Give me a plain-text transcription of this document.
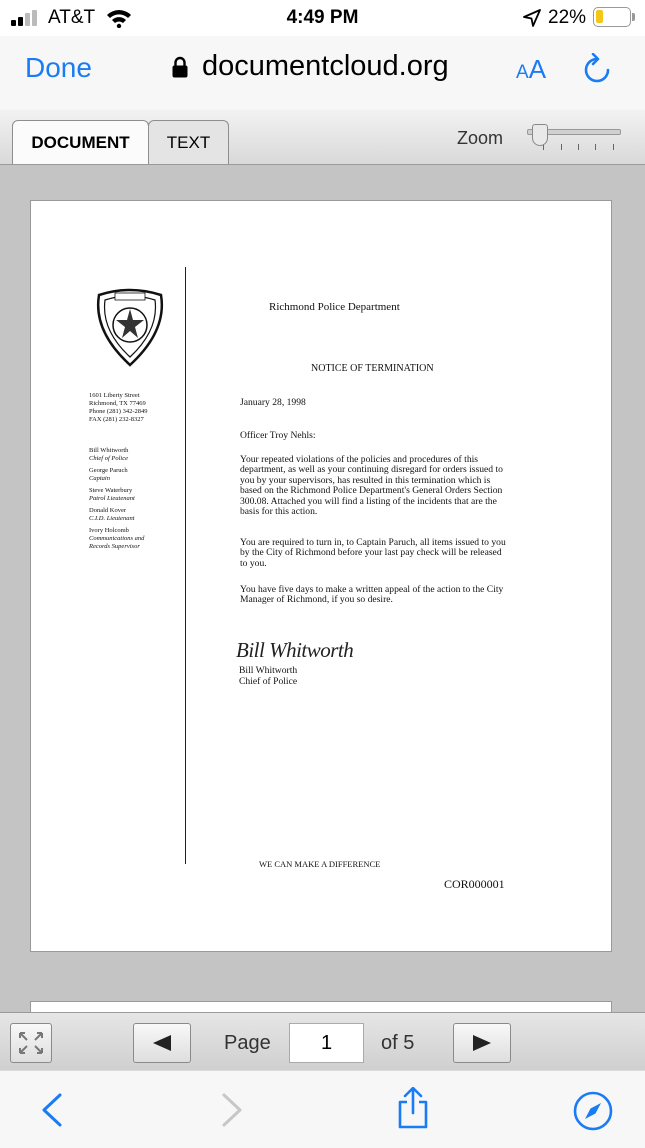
AT&T	4:49 PM	22%
Done	documentcloud.org	AA
DOCUMENT	TEXT	Zoom
1601 Liberty Street
Richmond, TX 77469
Phone (281) 342-2849
FAX (281) 232-8327
Bill Whitworth
Chief of Police
George Paruch
Captain
Steve Waterbury
Patrol Lieutenant
Donald Kover
C.I.D. Lieutenant
Ivory Holcomb
Communications and Records Supervisor
Richmond Police Department
NOTICE OF TERMINATION
January 28, 1998
Officer Troy Nehls:
Your repeated violations of the policies and procedures of this department, as well as your continuing disregard for orders issued to you by your supervisors, has resulted in this termination which is based on the Richmond Police Department's General Orders Section 300.08. Attached you will find a listing of the incidents that are the basis for this action.
You are required to turn in, to Captain Paruch, all items issued to you by the City of Richmond before your last pay check will be released to you.
You have five days to make a written appeal of the action to the City Manager of Richmond, if you so desire.
Bill Whitworth
Bill Whitworth
Chief of Police
WE CAN MAKE A DIFFERENCE
COR000001
Page	1	of 5
